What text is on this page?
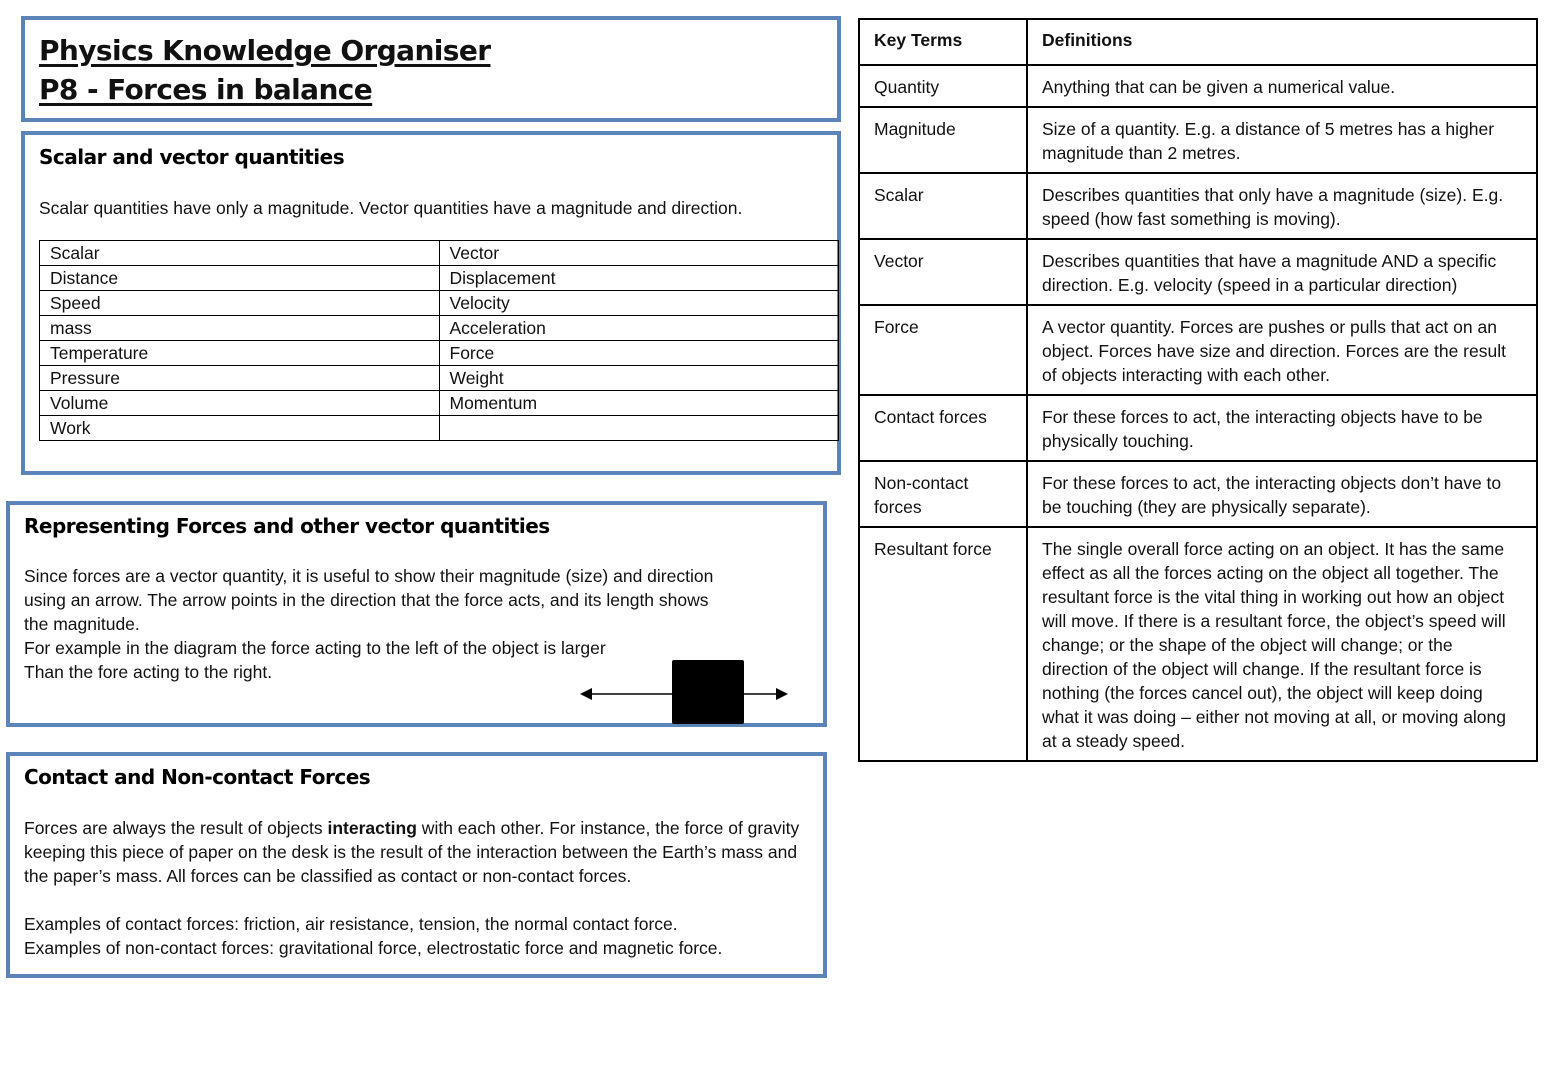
Physics Knowledge Organiser
P8 - Forces in balance
Scalar and vector quantities
Scalar quantities have only a magnitude. Vector quantities have a magnitude and direction.
Scalar	Vector
Distance	Displacement
Speed	Velocity
mass	Acceleration
Temperature	Force
Pressure	Weight
Volume	Momentum
Work	
Representing Forces and other vector quantities
Since forces are a vector quantity, it is useful to show their magnitude (size) and direction
using an arrow. The arrow points in the direction that the force acts, and its length shows
the magnitude.
For example in the diagram the force acting to the left of the object is larger
Than the fore acting to the right.
Contact and Non-contact Forces
Forces are always the result of objects interacting with each other. For instance, the force of gravity keeping this piece of paper on the desk is the result of the interaction between the Earth’s mass and the paper’s mass. All forces can be classified as contact or non-contact forces.
Examples of contact forces: friction, air resistance, tension, the normal contact force.
Examples of non-contact forces: gravitational force, electrostatic force and magnetic force.
Key Terms	Definitions
Quantity	Anything that can be given a numerical value.
Magnitude	Size of a quantity. E.g. a distance of 5 metres has a higher magnitude than 2 metres.
Scalar	Describes quantities that only have a magnitude (size). E.g. speed (how fast something is moving).
Vector	Describes quantities that have a magnitude AND a specific direction. E.g. velocity (speed in a particular direction)
Force	A vector quantity. Forces are pushes or pulls that act on an object. Forces have size and direction. Forces are the result of objects interacting with each other.
Contact forces	For these forces to act, the interacting objects have to be physically touching.
Non-contact forces	For these forces to act, the interacting objects don’t have to be touching (they are physically separate).
Resultant force	The single overall force acting on an object. It has the same effect as all the forces acting on the object all together. The resultant force is the vital thing in working out how an object will move. If there is a resultant force, the object’s speed will change; or the shape of the object will change; or the direction of the object will change. If the resultant force is nothing (the forces cancel out), the object will keep doing what it was doing – either not moving at all, or moving along at a steady speed.
